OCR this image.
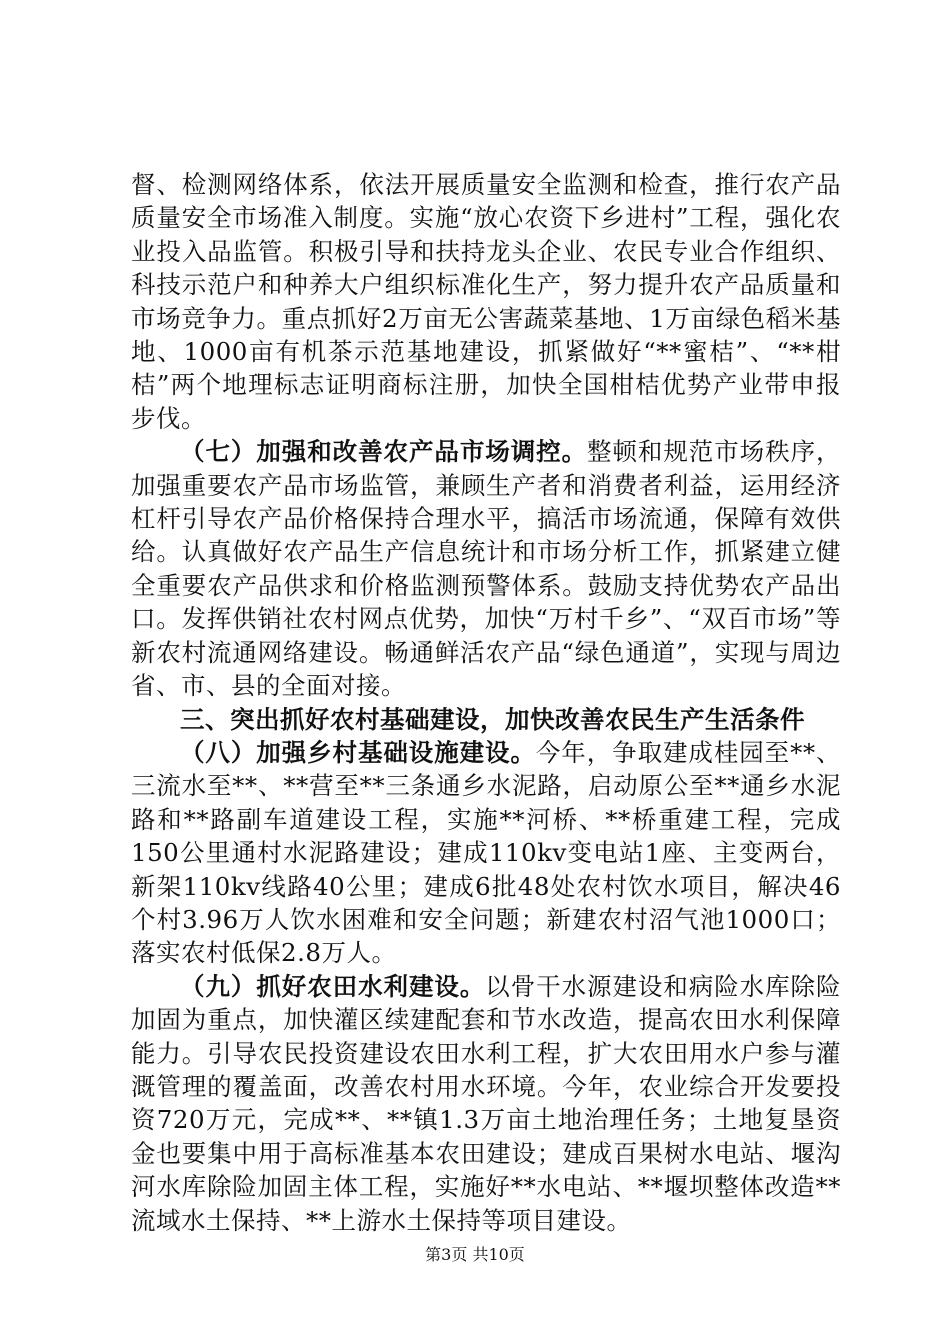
督、检测网络体系，依法开展质量安全监测和检查，推行农产品质量安全市场准入制度。实施“放心农资下乡进村”工程，强化农业投入品监管。积极引导和扶持龙头企业、农民专业合作组织、科技示范户和种养大户组织标准化生产，努力提升农产品质量和市场竞争力。重点抓好2万亩无公害蔬菜基地、1万亩绿色稻米基地、1000亩有机茶示范基地建设，抓紧做好“**蜜桔”、“**柑桔”两个地理标志证明商标注册，加快全国柑桔优势产业带申报步伐。

（七）加强和改善农产品市场调控。整顿和规范市场秩序，加强重要农产品市场监管，兼顾生产者和消费者利益，运用经济杠杆引导农产品价格保持合理水平，搞活市场流通，保障有效供给。认真做好农产品生产信息统计和市场分析工作，抓紧建立健全重要农产品供求和价格监测预警体系。鼓励支持优势农产品出口。发挥供销社农村网点优势，加快“万村千乡”、“双百市场”等新农村流通网络建设。畅通鲜活农产品“绿色通道”，实现与周边省、市、县的全面对接。

三、突出抓好农村基础建设，加快改善农民生产生活条件

（八）加强乡村基础设施建设。今年，争取建成桂园至**、三流水至**、**营至**三条通乡水泥路，启动原公至**通乡水泥路和**路副车道建设工程，实施**河桥、**桥重建工程，完成150公里通村水泥路建设；建成110kv变电站1座、主变两台，新架110kv线路40公里；建成6批48处农村饮水项目，解决46个村3.96万人饮水困难和安全问题；新建农村沼气池1000口；落实农村低保2.8万人。

（九）抓好农田水利建设。以骨干水源建设和病险水库除险加固为重点，加快灌区续建配套和节水改造，提高农田水利保障能力。引导农民投资建设农田水利工程，扩大农田用水户参与灌溉管理的覆盖面，改善农村用水环境。今年，农业综合开发要投资720万元，完成**、**镇1.3万亩土地治理任务；土地复垦资金也要集中用于高标准基本农田建设；建成百果树水电站、堰沟河水库除险加固主体工程，实施好**水电站、**堰坝整体改造**流域水土保持、**上游水土保持等项目建设。

第3页 共10页
